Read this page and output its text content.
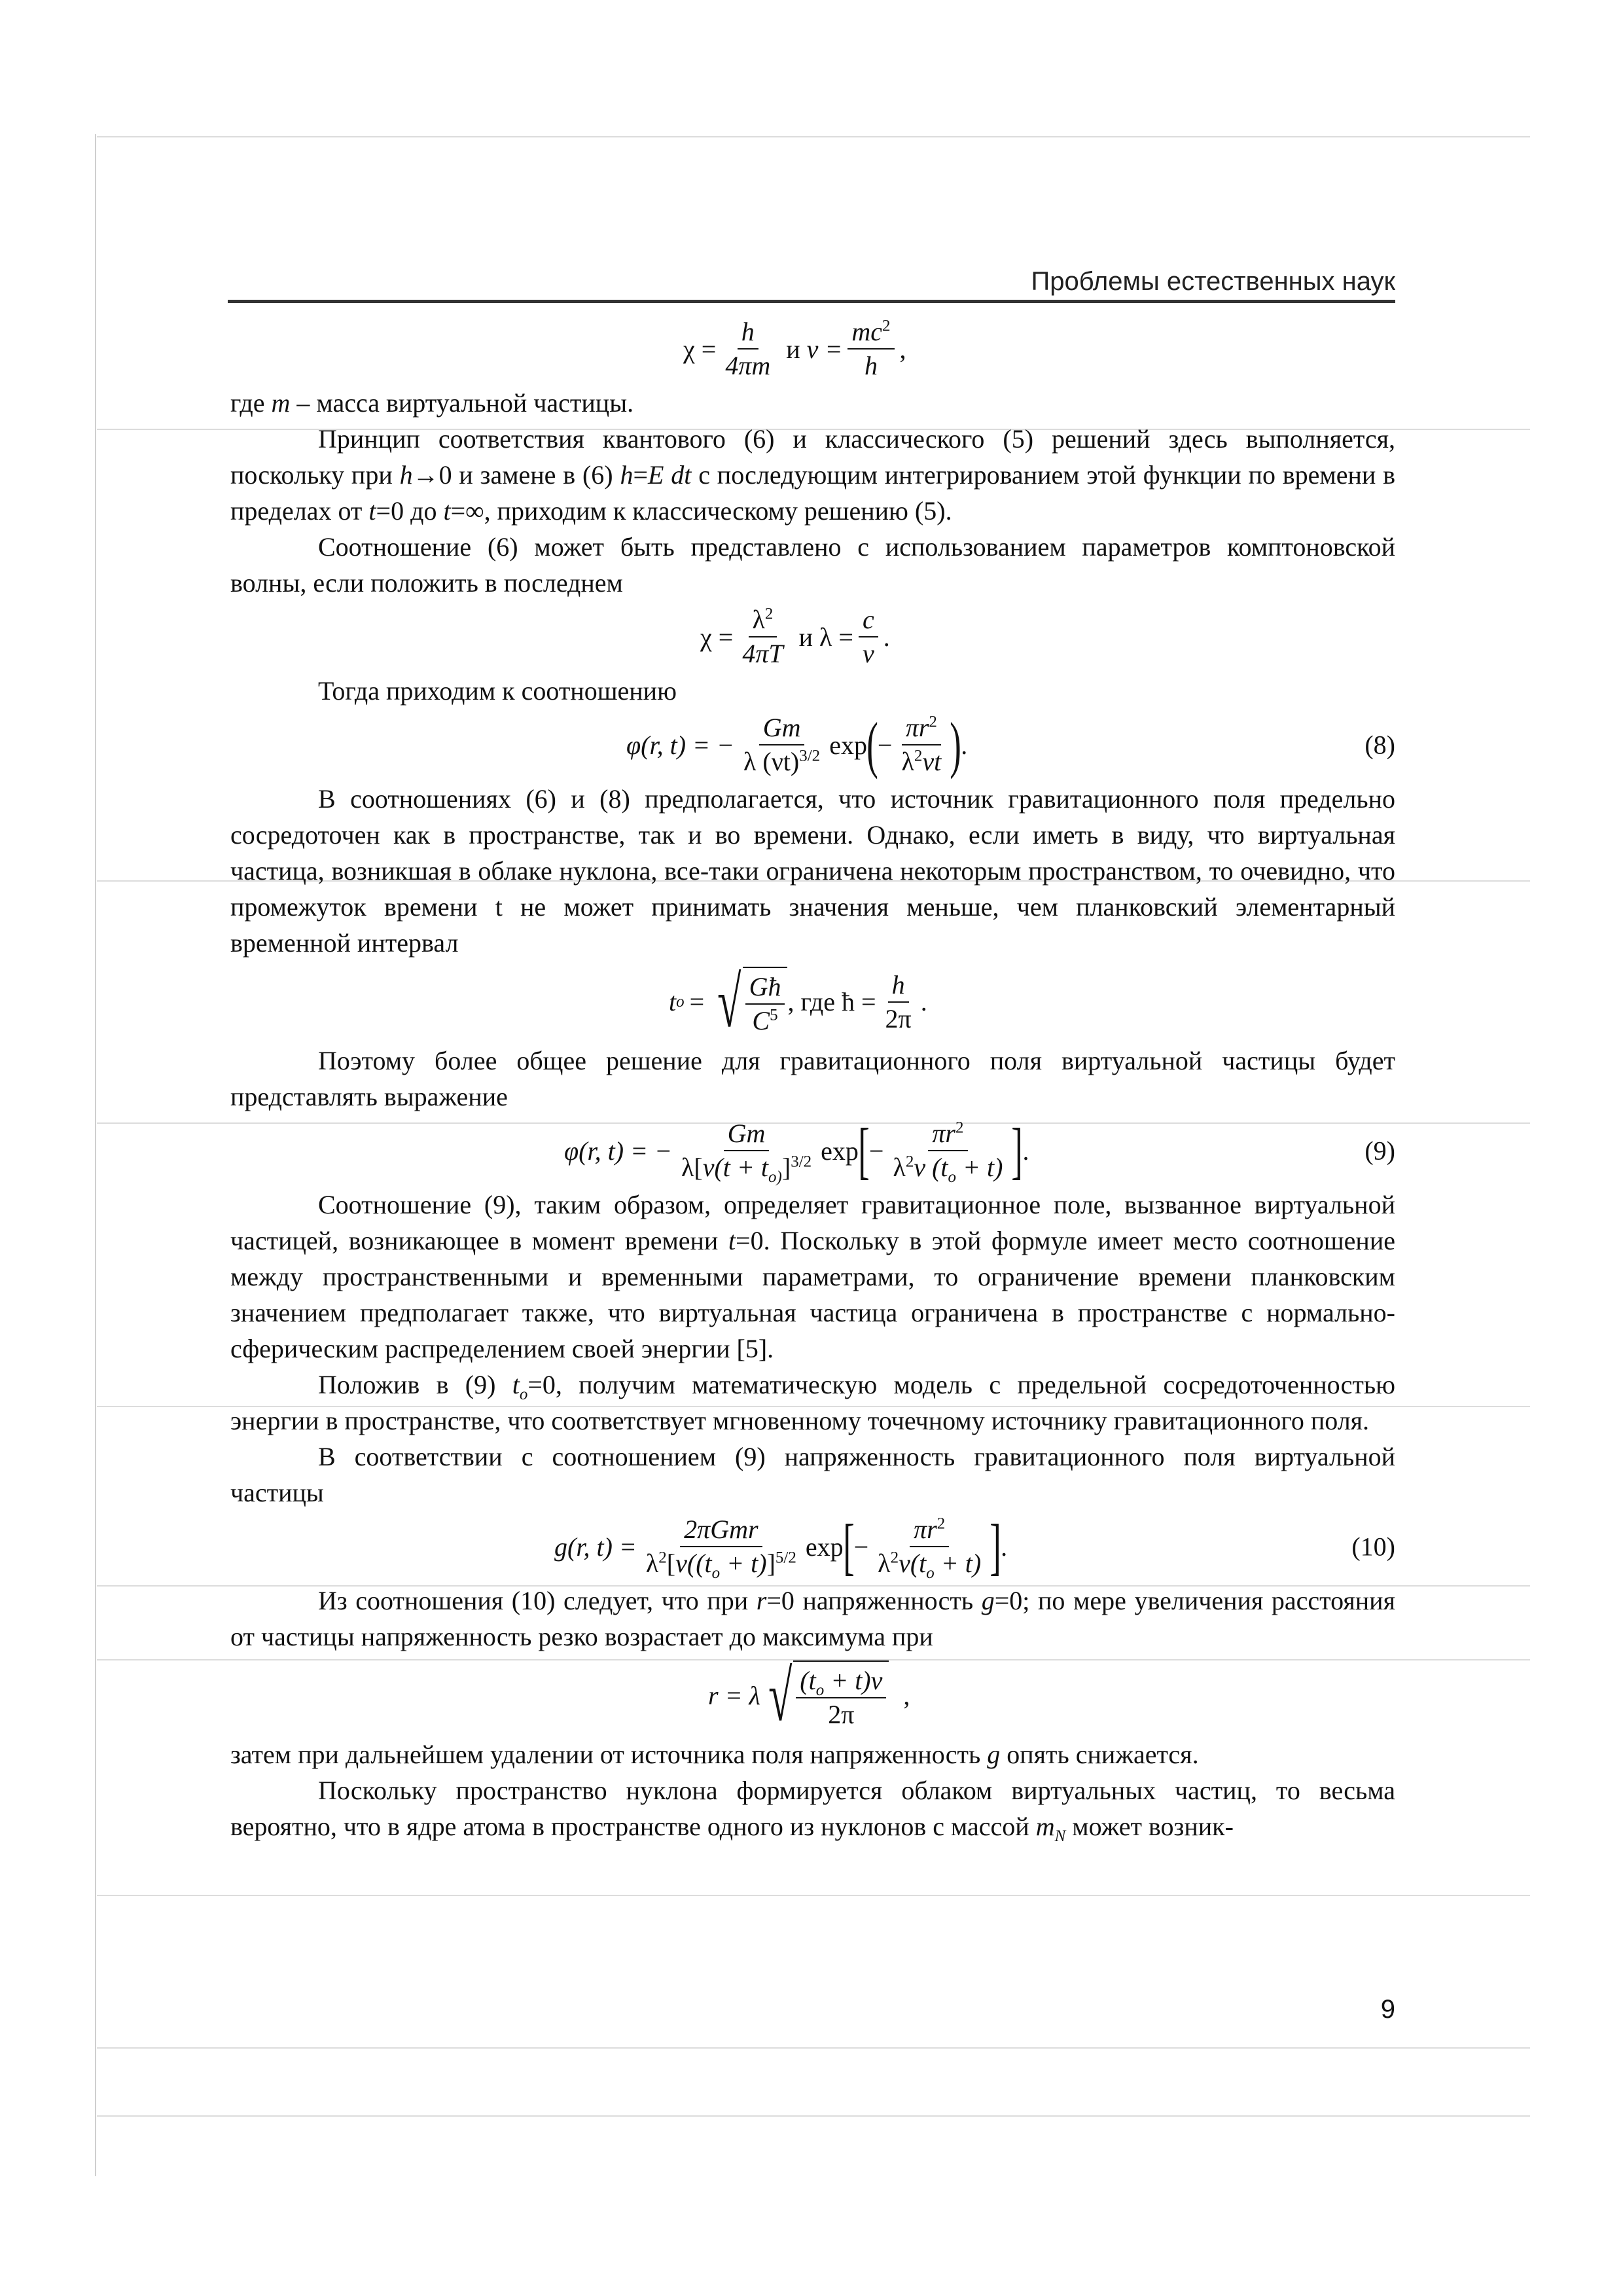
Проблемы естественных наук
$\chi = \frac{h}{4\pi m}$ и $\nu = \frac{mc^2}{h}$ ,

где m – масса виртуальной частицы.

Принцип соответствия квантового (6) и классического (5) решений здесь выполняется, поскольку при h→0 и замене в (6) h=E dt с последующим интегрированием этой функции по времени в пределах от t=0 до t=∞, приходим к классическому решению (5).

Соотношение (6) может быть представлено с использованием параметров комптоновской волны, если положить в последнем

$\chi = \frac{\lambda^2}{4\pi T}$ и $\lambda = \frac{c}{\nu}$ .

Тогда приходим к соотношению

φ(r, t) = − $\frac{Gm}{\lambda (\nu t)^{3/2}}$ exp ( − $\frac{\pi r^2}{\lambda^2\nu t}$ ) .	(8)

В соотношениях (6) и (8) предполагается, что источник гравитационного поля предельно сосредоточен как в пространстве, так и во времени. Однако, если иметь в виду, что виртуальная частица, возникшая в облаке нуклона, все-таки ограничена некоторым пространством, то очевидно, что промежуток времени t не может принимать значения меньше, чем планковский элементарный временной интервал

t o = √ $\frac{Għ}{C^5}$ , где ħ = $\frac{h}{2\pi}$ .

Поэтому более общее решение для гравитационного поля виртуальной частицы будет представлять выражение

φ(r, t) = − $\frac{Gm}{\lambda[\nu(t + t_{o)}]^{3/2}}$ exp [ − $\frac{\pi r^2}{\lambda^2\nu (t_o + t)}$ ] .	(9)

Соотношение (9), таким образом, определяет гравитационное поле, вызванное виртуальной частицей, возникающее в момент времени t=0. Поскольку в этой формуле имеет место соотношение между пространственными и временными параметрами, то ограничение времени планковским значением предполагает также, что виртуальная частица ограничена в пространстве с нормально-сферическим распределением своей энергии [5].

Положив в (9) $t_o=0$, получим математическую модель с предельной сосредоточенностью энергии в пространстве, что соответствует мгновенному точечному источнику гравитационного поля.

В соответствии с соотношением (9) напряженность гравитационного поля виртуальной частицы

g(r, t) =
2πGmr
$\lambda^2[\nu((t_o + t)]^{5/2}$ exp [ − $\frac{\pi r^2}{\lambda^2\nu(t_o + t)}$ ] .	(10)

Из соотношения (10) следует, что при r=0 напряженность g=0; по мере увеличения расстояния от частицы напряженность резко возрастает до максимума при

r = λ √ $\frac{(t_o + t)\nu}{2\pi}$ ,

затем при дальнейшем удалении от источника поля напряженность g опять снижается.

Поскольку пространство нуклона формируется облаком виртуальных частиц, то весьма вероятно, что в ядре атома в пространстве одного из нуклонов с массой $m_N$ может возник-

9
